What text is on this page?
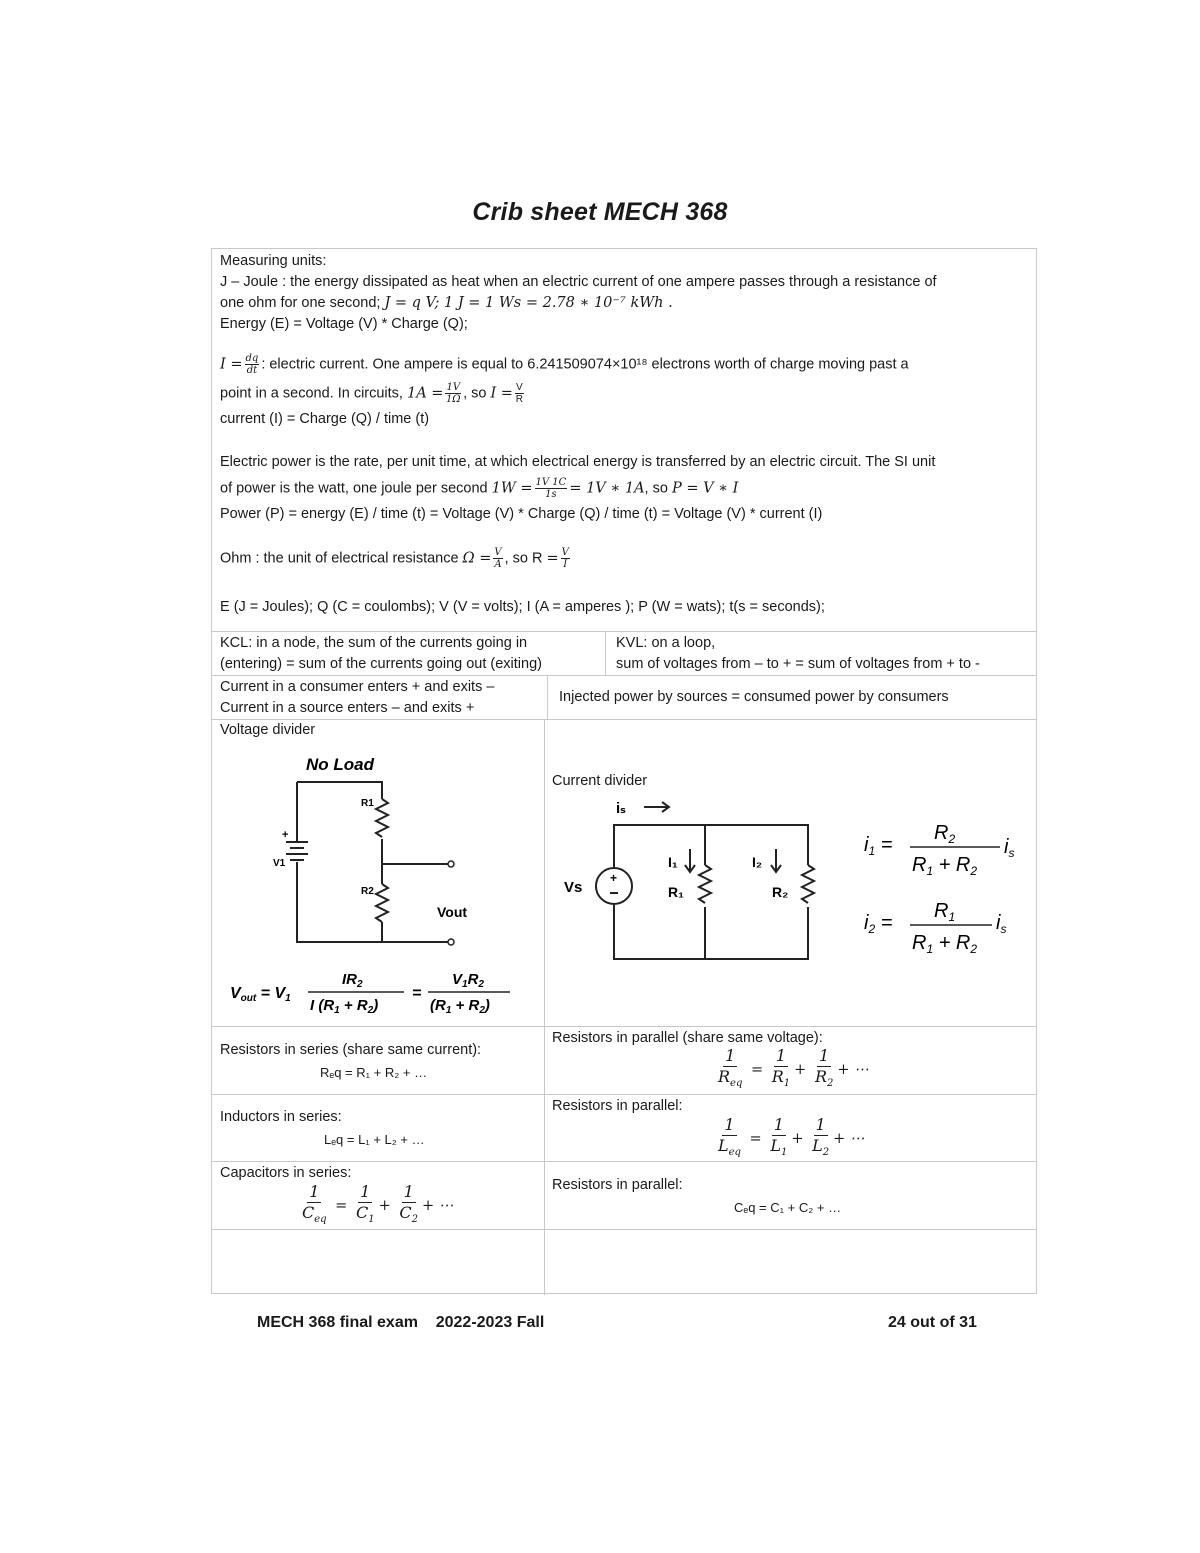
Crib sheet MECH 368
Measuring units:
J – Joule : the energy dissipated as heat when an electric current of one ampere passes through a resistance of
one ohm for one second; J = q V; 1 J = 1 Ws = 2.78 ∗ 10⁻⁷ kWh .
Energy (E) = Voltage (V) * Charge (Q);
$I = \frac{dq}{dt}$ : electric current. One ampere is equal to 6.241509074×10¹⁸ electrons worth of charge moving past a
point in a second. In circuits, $1A = \frac{1V}{1\Omega}$ , so $I = \frac{V}{R}$
current (I) = Charge (Q) / time (t)
Electric power is the rate, per unit time, at which electrical energy is transferred by an electric circuit. The SI unit
of power is the watt, one joule per second $1W = \frac{1V 1C}{1s} = 1V$ ∗ 1A, so P = V ∗ I
Power (P) = energy (E) / time (t) = Voltage (V) * Charge (Q) / time (t) = Voltage (V) * current (I)
Ohm : the unit of electrical resistance $\Omega = \frac{V}{A}$ , so $R = \frac{V}{I}$
E (J = Joules); Q (C = coulombs); V (V = volts); I (A = amperes ); P (W = wats); t(s = seconds);
KCL: in a node, the sum of the currents going in
(entering) = sum of the currents going out (exiting)
KVL: on a loop,
sum of voltages from – to + = sum of voltages from + to -
Current in a consumer enters + and exits –
Current in a source enters – and exits +
Injected power by sources = consumed power by consumers
Voltage divider
No Load
+
R1
R2
V1
Vout
Vout = V1
$IR_2$
I $(R_1 + R_2)$
=
$V_1R_2$
$(R_1 + R_2)$
Current divider
iₛ
+
Vs
I₁	I₂
R₁	R₂
$i_1$ =
$R_2$
$R_1 + R_2$
$i_s$
$i_2$ =
$R_1$
$R_1 + R_2$
$i_s$
Resistors in series (share same current):
Rₑq = R₁ + R₂ + …
Resistors in parallel (share same voltage):
1
$R_{eq}$
= $\frac{1}{R_1} + \frac{1}{R_2}$ + ⋯
Inductors in series:
Lₑq = L₁ + L₂ + …
Resistors in parallel:
1
$L_{eq}$
= $\frac{1}{L_1} + \frac{1}{L_2}$ + ⋯
Capacitors in series:
1
$C_{eq}$
= $\frac{1}{C_1} + \frac{1}{C_2}$ + ⋯
Resistors in parallel:
Cₑq = C₁ + C₂ + …
MECH 368 final exam    2022-2023 Fall	24 out of 31
